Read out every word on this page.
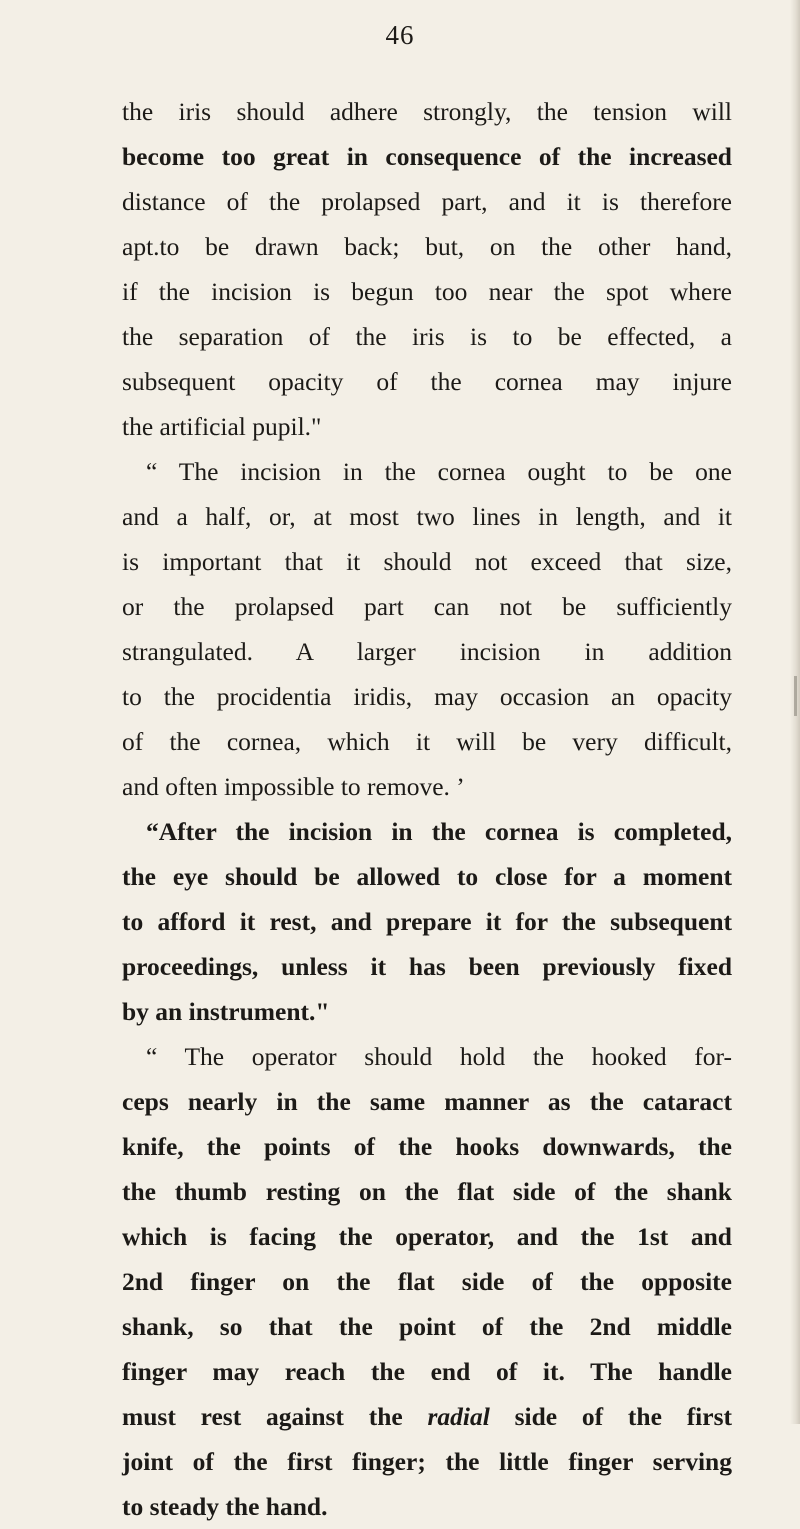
46
the iris should adhere strongly, the tension will
become too great in consequence of the increased
distance of the prolapsed part, and it is therefore
apt.to be drawn back; but, on the other hand,
if the incision is begun too near the spot where
the separation of the iris is to be effected, a
subsequent opacity of the cornea may injure
the artificial pupil."
“ The incision in the cornea ought to be one
and a half, or, at most two lines in length, and it
is important that it should not exceed that size,
or the prolapsed part can not be sufficiently
strangulated. A larger incision in addition
to the procidentia iridis, may occasion an opacity
of the cornea, which it will be very difficult,
and often impossible to remove. ’
“After the incision in the cornea is completed,
the eye should be allowed to close for a moment
to afford it rest, and prepare it for the subsequent
proceedings, unless it has been previously fixed
by an instrument."
“ The operator should hold the hooked for-
ceps nearly in the same manner as the cataract
knife, the points of the hooks downwards, the
the thumb resting on the flat side of the shank
which is facing the operator, and the 1st and
2nd finger on the flat side of the opposite
shank, so that the point of the 2nd middle
finger may reach the end of it. The handle
must rest against the radial side of the first
joint of the first finger; the little finger serving
to steady the hand.
